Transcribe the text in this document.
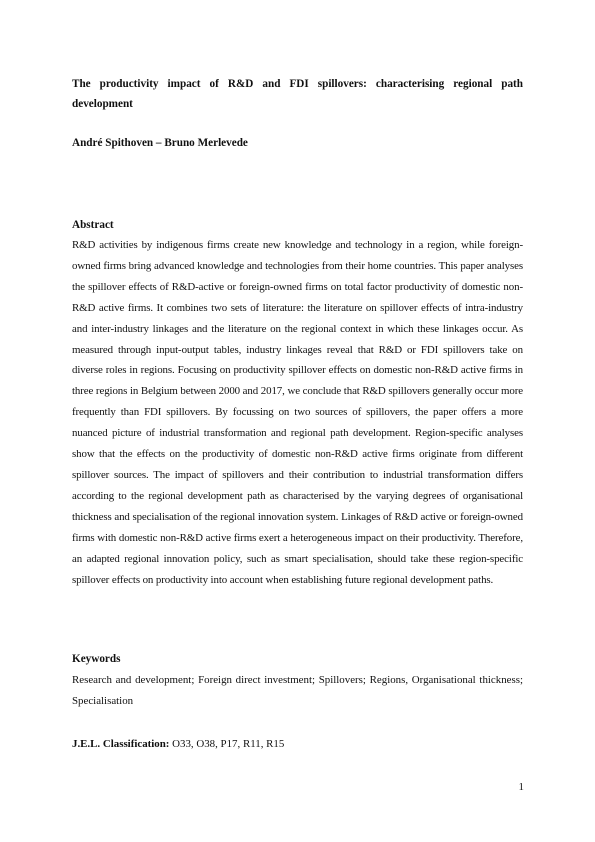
The productivity impact of R&D and FDI spillovers: characterising regional path development

André Spithoven – Bruno Merlevede

Abstract

R&D activities by indigenous firms create new knowledge and technology in a region, while foreign-owned firms bring advanced knowledge and technologies from their home countries. This paper analyses the spillover effects of R&D-active or foreign-owned firms on total factor productivity of domestic non-R&D active firms. It combines two sets of literature: the literature on spillover effects of intra-industry and inter-industry linkages and the literature on the regional context in which these linkages occur. As measured through input-output tables, industry linkages reveal that R&D or FDI spillovers take on diverse roles in regions. Focusing on productivity spillover effects on domestic non-R&D active firms in three regions in Belgium between 2000 and 2017, we conclude that R&D spillovers generally occur more frequently than FDI spillovers. By focussing on two sources of spillovers, the paper offers a more nuanced picture of industrial transformation and regional path development. Region-specific analyses show that the effects on the productivity of domestic non-R&D active firms originate from different spillover sources. The impact of spillovers and their contribution to industrial transformation differs according to the regional development path as characterised by the varying degrees of organisational thickness and specialisation of the regional innovation system. Linkages of R&D active or foreign-owned firms with domestic non-R&D active firms exert a heterogeneous impact on their productivity. Therefore, an adapted regional innovation policy, such as smart specialisation, should take these region-specific spillover effects on productivity into account when establishing future regional development paths.

Keywords

Research and development; Foreign direct investment; Spillovers; Regions, Organisational thickness; Specialisation

J.E.L. Classification: O33, O38, P17, R11, R15

1
